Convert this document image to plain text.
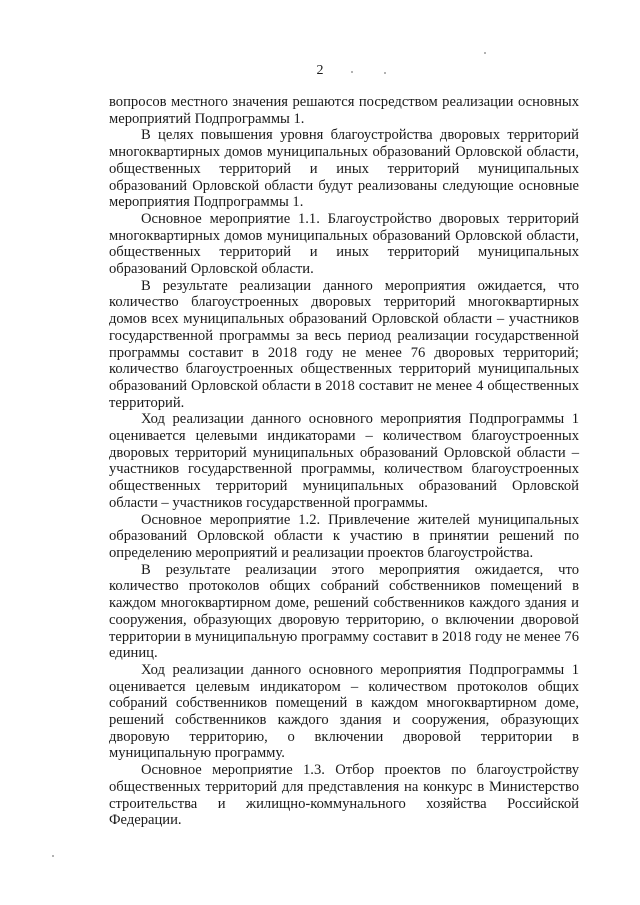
2

вопросов местного значения решаются посредством реализации основных мероприятий Подпрограммы 1.

В целях повышения уровня благоустройства дворовых территорий многоквартирных домов муниципальных образований Орловской области, общественных территорий и иных территорий муниципальных образований Орловской области будут реализованы следующие основные мероприятия Подпрограммы 1.

Основное мероприятие 1.1. Благоустройство дворовых территорий многоквартирных домов муниципальных образований Орловской области, общественных территорий и иных территорий муниципальных образований Орловской области.

В результате реализации данного мероприятия ожидается, что количество благоустроенных дворовых территорий многоквартирных домов всех муниципальных образований Орловской области – участников государственной программы за весь период реализации государственной программы составит в 2018 году не менее 76 дворовых территорий; количество благоустроенных общественных территорий муниципальных образований Орловской области в 2018 составит не менее 4 общественных территорий.

Ход реализации данного основного мероприятия Подпрограммы 1 оценивается целевыми индикаторами – количеством благоустроенных дворовых территорий муниципальных образований Орловской области – участников государственной программы, количеством благоустроенных общественных территорий муниципальных образований Орловской области – участников государственной программы.

Основное мероприятие 1.2. Привлечение жителей муниципальных образований Орловской области к участию в принятии решений по определению мероприятий и реализации проектов благоустройства.

В результате реализации этого мероприятия ожидается, что количество протоколов общих собраний собственников помещений в каждом многоквартирном доме, решений собственников каждого здания и сооружения, образующих дворовую территорию, о включении дворовой территории в муниципальную программу составит в 2018 году не менее 76 единиц.

Ход реализации данного основного мероприятия Подпрограммы 1 оценивается целевым индикатором – количеством протоколов общих собраний собственников помещений в каждом многоквартирном доме, решений собственников каждого здания и сооружения, образующих дворовую территорию, о включении дворовой территории в муниципальную программу.

Основное мероприятие 1.3. Отбор проектов по благоустройству общественных территорий для представления на конкурс в Министерство строительства и жилищно-коммунального хозяйства Российской Федерации.
